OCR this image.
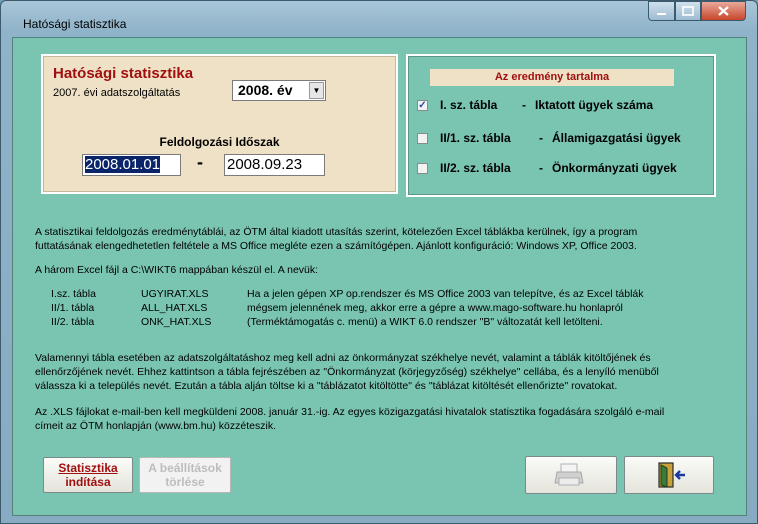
Hatósági statisztika
Hatósági statisztika
2007. évi adatszolgáltatás	2008. év	▼
Feldolgozási Időszak
2008.01.01	- 2008.09.23
Az eredmény tartalma
✓ I. sz. tábla - Iktatott ügyek száma
II/1. sz. tábla - Államigazgatási ügyek
II/2. sz. tábla - Önkormányzati ügyek

A statisztikai feldolgozás eredménytáblái, az ÖTM által kiadott utasítás szerint, kötelezően Excel táblákba kerülnek, így a program

futtatásának elengedhetetlen feltétele a MS Office megléte ezen a számítógépen. Ajánlott konfiguráció: Windows XP, Office 2003.

A három Excel fájl a C:\WIKT6 mappában készül el. A nevük:

I.sz. tábla	UGYIRAT.XLS	Ha a jelen gépen XP op.rendszer és MS Office 2003 van telepítve, és az Excel táblák
II/1. tábla	ALL_HAT.XLS	mégsem jelennének meg, akkor erre a gépre a www.mago-software.hu honlapról
II/2. tábla	ONK_HAT.XLS	(Terméktámogatás c. menü) a WIKT 6.0 rendszer "B" változatát kell letölteni.

Valamennyi tábla esetében az adatszolgáltatáshoz meg kell adni az önkormányzat székhelye nevét, valamint a táblák kitöltőjének és

ellenőrzőjének nevét. Ehhez kattintson a tábla fejrészében az "Önkormányzat (körjegyzőség) székhelye" cellába, és a lenyíló menüből

válassza ki a település nevét. Ezután a tábla alján töltse ki a "táblázatot kitöltötte" és "táblázat kitöltését ellenőrizte" rovatokat.

Az .XLS fájlokat e-mail-ben kell megküldeni 2008. január 31.-ig. Az egyes közigazgatási hivatalok statisztika fogadására szolgáló e-mail

címeit az ÖTM honlapján (www.bm.hu) közzéteszik.

Statisztika
indítása
A beállítások
törlése
